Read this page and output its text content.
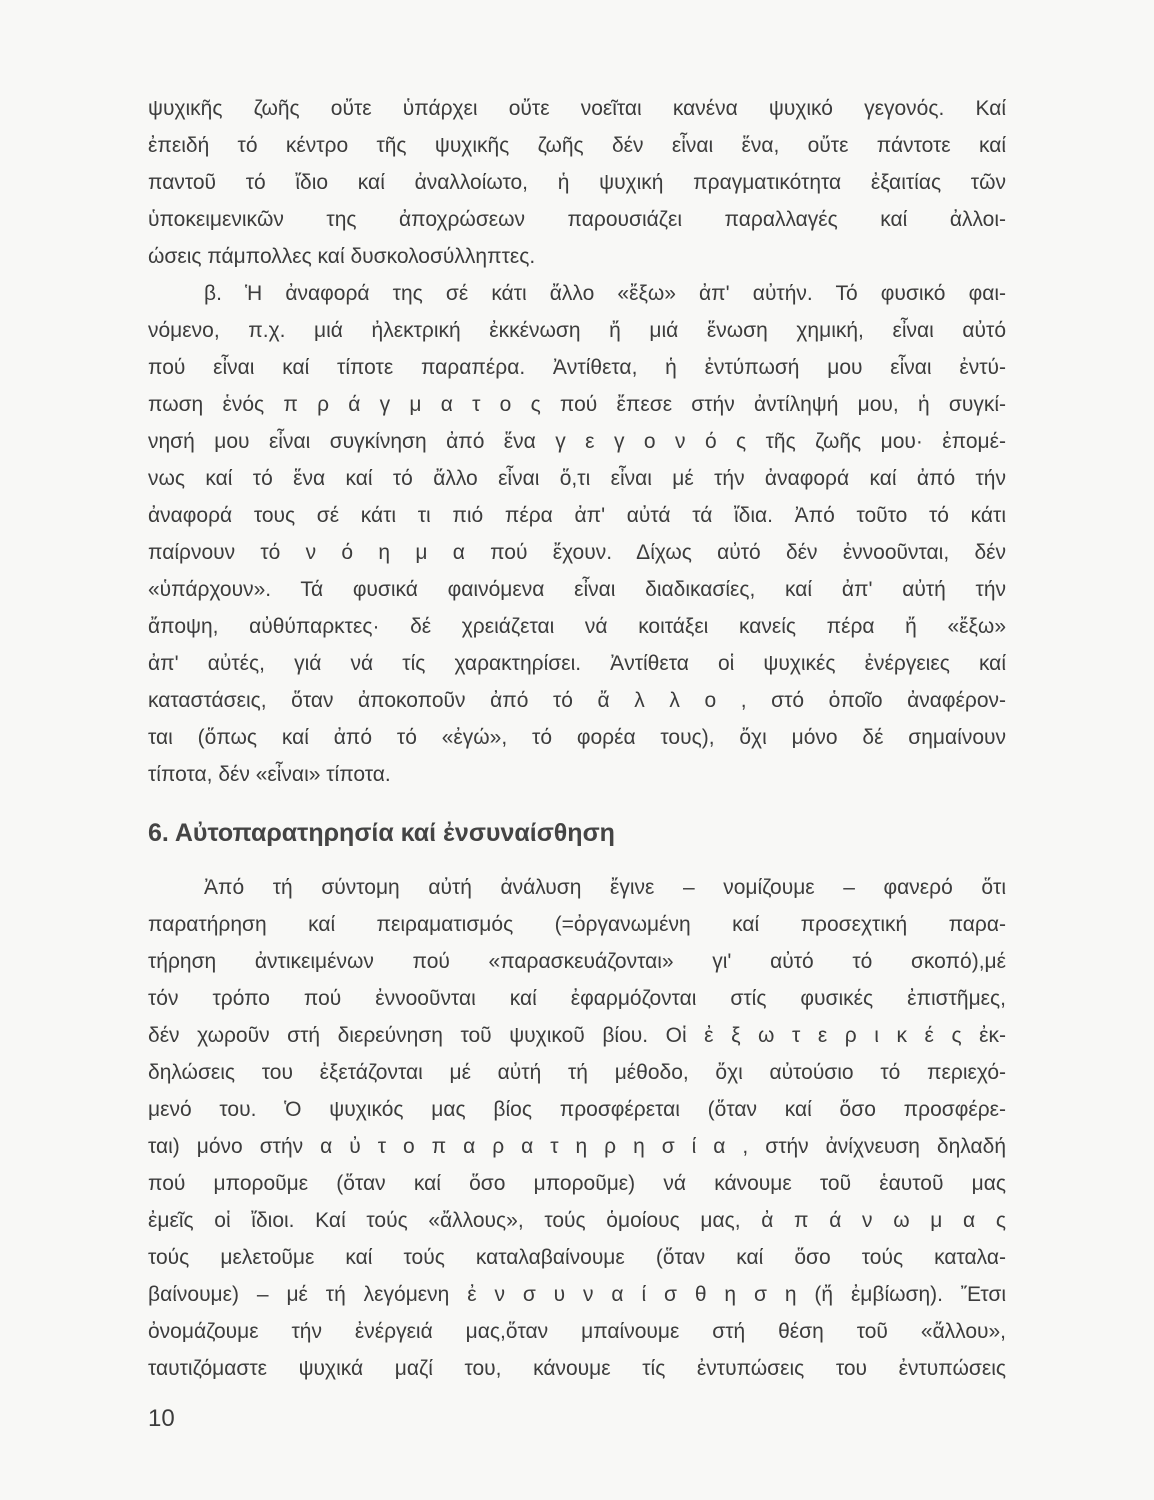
ψυχικῆς ζωῆς οὔτε ὑπάρχει οὔτε νοεῖται κανένα ψυχικό γεγονός. Καί
ἐπειδή τό κέντρο τῆς ψυχικῆς ζωῆς δέν εἶναι ἕνα, οὔτε πάντοτε καί
παντοῦ τό ἴδιο καί ἀναλλοίωτο, ἡ ψυχική πραγματικότητα ἐξαιτίας τῶν
ὑποκειμενικῶν της ἀποχρώσεων παρουσιάζει παραλλαγές καί ἀλλοι-
ώσεις πάμπολλες καί δυσκολοσύλληπτες.
β. Ἡ ἀναφορά της σέ κάτι ἄλλο «ἔξω» ἀπ' αὐτήν. Τό φυσικό φαι-
νόμενο, π.χ. μιά ἠλεκτρική ἐκκένωση ἤ μιά ἕνωση χημική, εἶναι αὐτό
πού εἶναι καί τίποτε παραπέρα. Ἀντίθετα, ἡ ἐντύπωσή μου εἶναι ἐντύ-
πωση ἑνός π ρ ά γ μ α τ ο ς πού ἔπεσε στήν ἀντίληψή μου, ἡ συγκί-
νησή μου εἶναι συγκίνηση ἀπό ἕνα γ ε γ ο ν ό ς τῆς ζωῆς μου· ἐπομέ-
νως καί τό ἕνα καί τό ἄλλο εἶναι ὅ,τι εἶναι μέ τήν ἀναφορά καί ἀπό τήν
ἀναφορά τους σέ κάτι τι πιό πέρα ἀπ' αὐτά τά ἴδια. Ἀπό τοῦτο τό κάτι
παίρνουν τό ν ό η μ α πού ἔχουν. Δίχως αὐτό δέν ἐννοοῦνται, δέν
«ὑπάρχουν». Τά φυσικά φαινόμενα εἶναι διαδικασίες, καί ἀπ' αὐτή τήν
ἄποψη, αὐθύπαρκτες· δέ χρειάζεται νά κοιτάξει κανείς πέρα ἤ «ἔξω»
ἀπ' αὐτές, γιά νά τίς χαρακτηρίσει. Ἀντίθετα οἱ ψυχικές ἐνέργειες καί
καταστάσεις, ὅταν ἀποκοποῦν ἀπό τό ἄ λ λ ο , στό ὁποῖο ἀναφέρον-
ται (ὅπως καί ἀπό τό «ἐγώ», τό φορέα τους), ὄχι μόνο δέ σημαίνουν
τίποτα, δέν «εἶναι» τίποτα.
6. Αὐτοπαρατηρησία καί ἐνσυναίσθηση
Ἀπό τή σύντομη αὐτή ἀνάλυση ἔγινε – νομίζουμε – φανερό ὅτι
παρατήρηση καί πειραματισμός (=ὀργανωμένη καί προσεχτική παρα-
τήρηση ἀντικειμένων πού «παρασκευάζονται» γι' αὐτό τό σκοπό),μέ
τόν τρόπο πού ἐννοοῦνται καί ἐφαρμόζονται στίς φυσικές ἐπιστῆμες,
δέν χωροῦν στή διερεύνηση τοῦ ψυχικοῦ βίου. Οἱ ἐ ξ ω τ ε ρ ι κ έ ς ἐκ-
δηλώσεις του ἐξετάζονται μέ αὐτή τή μέθοδο, ὄχι αὐτούσιο τό περιεχό-
μενό του. Ὁ ψυχικός μας βίος προσφέρεται (ὅταν καί ὅσο προσφέρε-
ται) μόνο στήν α ὐ τ ο π α ρ α τ η ρ η σ ί α , στήν ἀνίχνευση δηλαδή
πού μποροῦμε (ὅταν καί ὅσο μποροῦμε) νά κάνουμε τοῦ ἑαυτοῦ μας
ἐμεῖς οἱ ἴδιοι. Καί τούς «ἄλλους», τούς ὁμοίους μας, ἀ π ά ν ω μ α ς
τούς μελετοῦμε καί τούς καταλαβαίνουμε (ὅταν καί ὅσο τούς καταλα-
βαίνουμε) – μέ τή λεγόμενη ἐ ν σ υ ν α ί σ θ η σ η (ἤ ἐμβίωση). Ἔτσι
ὀνομάζουμε τήν ἐνέργειά μας,ὅταν μπαίνουμε στή θέση τοῦ «ἄλλου»,
ταυτιζόμαστε ψυχικά μαζί του, κάνουμε τίς ἐντυπώσεις του ἐντυπώσεις
10
